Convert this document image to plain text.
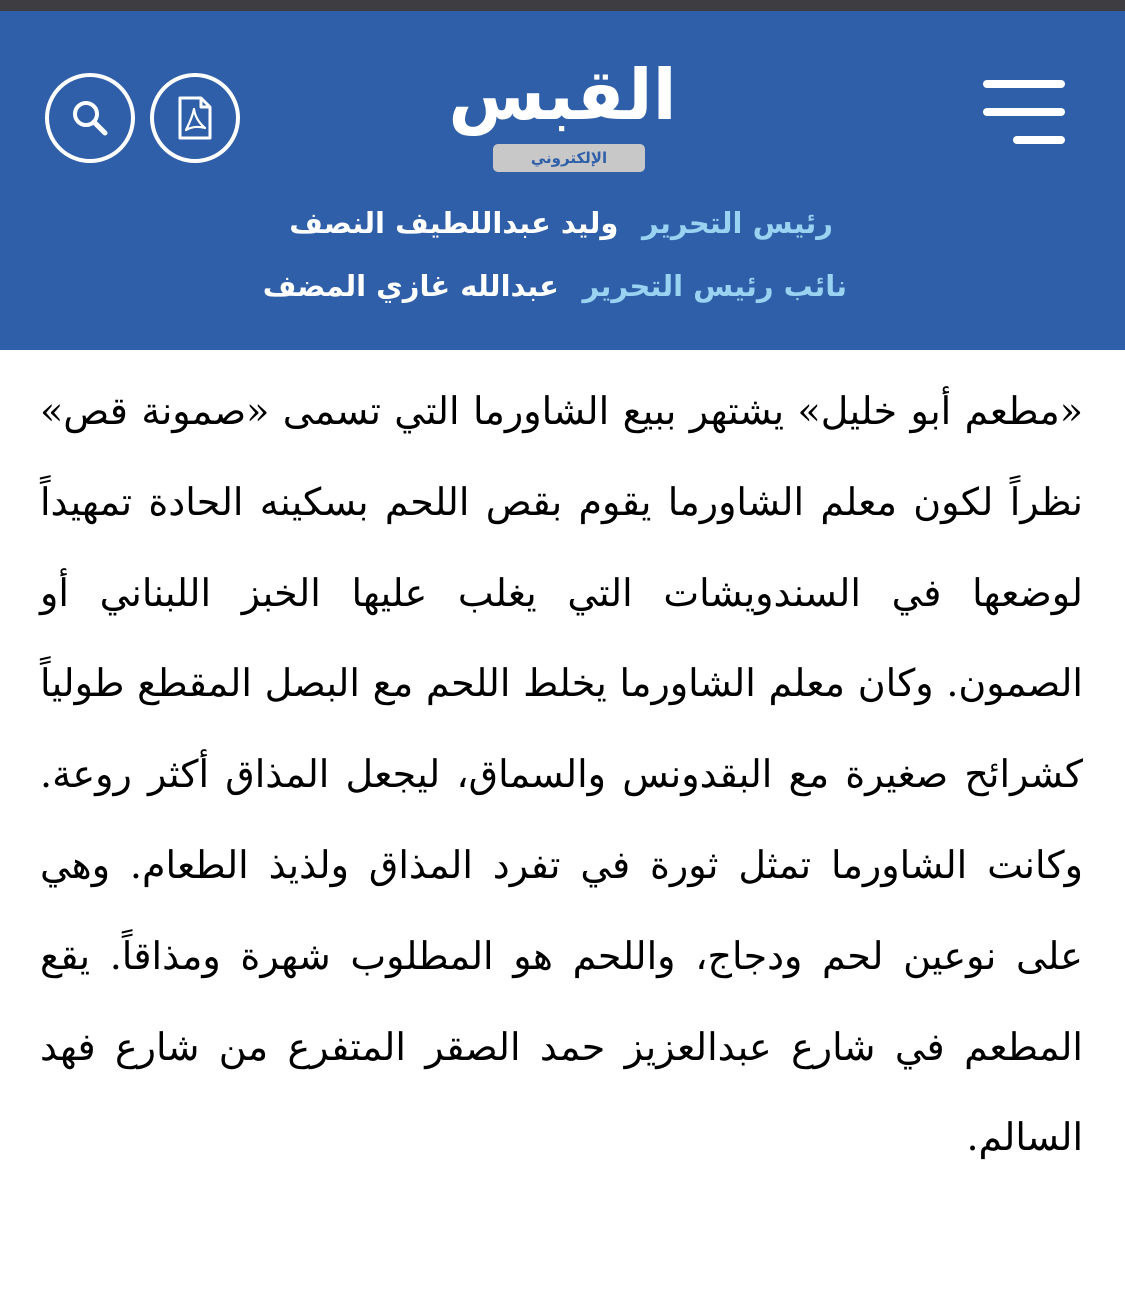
القبس
الإلكتروني
رئيس التحرير وليد عبداللطيف النصف
نائب رئيس التحرير عبدالله غازي المضف
«مطعم أبو خليل» يشتهر ببيع الشاورما التي تسمى «صمونة قص» نظراً لكون معلم الشاورما يقوم بقص اللحم بسكينه الحادة تمهيداً لوضعها في السندويشات التي يغلب عليها الخبز اللبناني أو الصمون. وكان معلم الشاورما يخلط اللحم مع البصل المقطع طولياً كشرائح صغيرة مع البقدونس والسماق، ليجعل المذاق أكثر روعة. وكانت الشاورما تمثل ثورة في تفرد المذاق ولذيذ الطعام. وهي على نوعين لحم ودجاج، واللحم هو المطلوب شهرة ومذاقاً. يقع المطعم في شارع عبدالعزيز حمد الصقر المتفرع من شارع فهد السالم.
